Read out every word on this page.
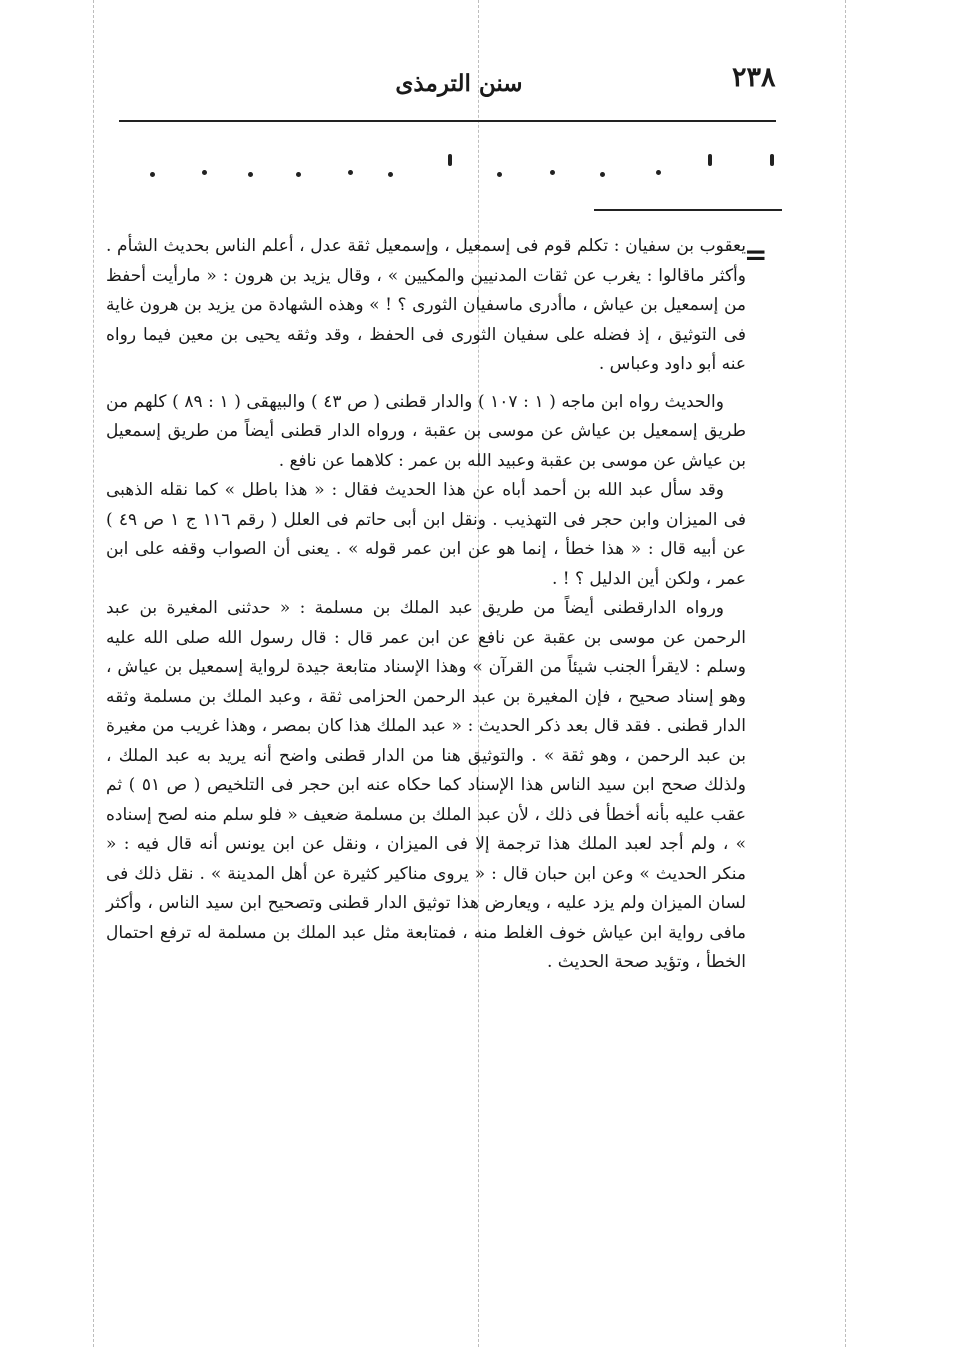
٢٣٨
سنن الترمذى
=

يعقوب بن سفيان : تكلم قوم فى إسمعيل ، وإسمعيل ثقة عدل ، أعلم الناس بحديث الشأم . وأكثر ماقالوا : يغرب عن ثقات المدنيين والمكيين » ، وقال يزيد بن هرون : « مارأيت أحفظ من إسمعيل بن عياش ، ماأدرى ماسفيان الثورى ؟ ! » وهذه الشهادة من يزيد بن هرون غاية فى التوثيق ، إذ فضله على سفيان الثورى فى الحفظ ، وقد وثقه يحيى بن معين فيما رواه عنه أبو داود وعباس .

والحديث رواه ابن ماجه ( ١ : ١٠٧ ) والدار قطنى ( ص ٤٣ ) والبيهقى ( ١ : ٨٩ ) كلهم من طريق إسمعيل بن عياش عن موسى بن عقبة ، ورواه الدار قطنى أيضاً من طريق إسمعيل بن عياش عن موسى بن عقبة وعبيد الله بن عمر : كلاهما عن نافع .

وقد سأل عبد الله بن أحمد أباه عن هذا الحديث فقال : « هذا باطل » كما نقله الذهبى فى الميزان وابن حجر فى التهذيب . ونقل ابن أبى حاتم فى العلل ( رقم ١١٦ ج ١ ص ٤٩ ) عن أبيه قال : « هذا خطأ ، إنما هو عن ابن عمر قوله » . يعنى أن الصواب وقفه على ابن عمر ، ولكن أين الدليل ؟ ! .

ورواه الدارقطنى أيضاً من طريق عبد الملك بن مسلمة : « حدثنى المغيرة بن عبد الرحمن عن موسى بن عقبة عن نافع عن ابن عمر قال : قال رسول الله صلى الله عليه وسلم : لايقرأ الجنب شيئاً من القرآن » وهذا الإسناد متابعة جيدة لرواية إسمعيل بن عياش ، وهو إسناد صحيح ، فإن المغيرة بن عبد الرحمن الحزامى ثقة ، وعبد الملك بن مسلمة وثقه الدار قطنى . فقد قال بعد ذكر الحديث : « عبد الملك هذا كان بمصر ، وهذا غريب من مغيرة بن عبد الرحمن ، وهو ثقة » . والتوثيق هنا من الدار قطنى واضح أنه يريد به عبد الملك ، ولذلك صحح ابن سيد الناس هذا الإسناد كما حكاه عنه ابن حجر فى التلخيص ( ص ٥١ ) ثم عقب عليه بأنه أخطأ فى ذلك ، لأن عبد الملك بن مسلمة ضعيف « فلو سلم منه لصح إسناده » ، ولم أجد لعبد الملك هذا ترجمة إلا فى الميزان ، ونقل عن ابن يونس أنه قال فيه : « منكر الحديث » وعن ابن حبان قال : « يروى مناكير كثيرة عن أهل المدينة » . نقل ذلك فى لسان الميزان ولم يزد عليه ، ويعارض هذا توثيق الدار قطنى وتصحيح ابن سيد الناس ، وأكثر مافى رواية ابن عياش خوف الغلط منه ، فمتابعة مثل عبد الملك بن مسلمة له ترفع احتمال الخطأ ، وتؤيد صحة الحديث .
